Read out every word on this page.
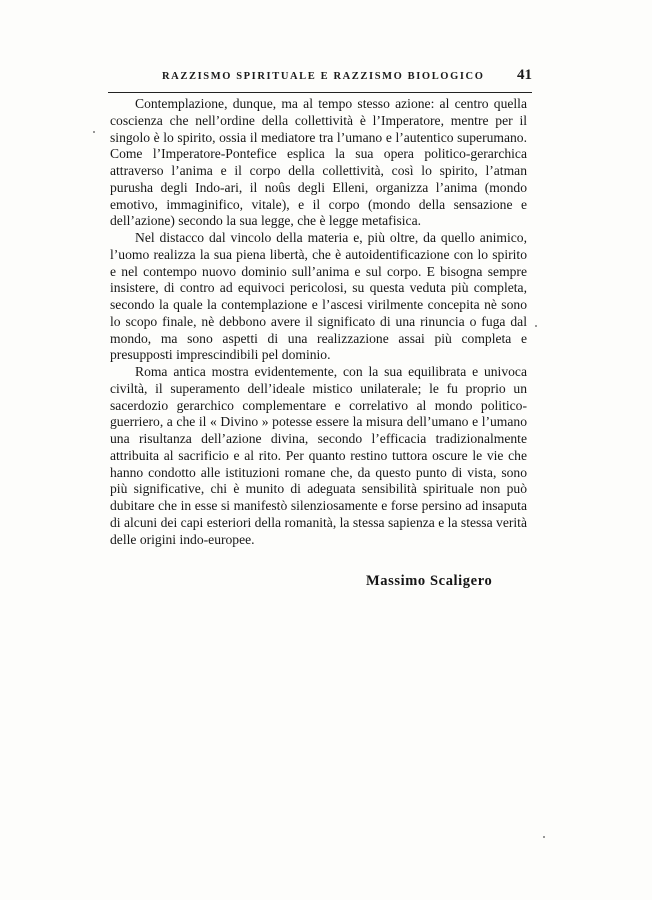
RAZZISMO SPIRITUALE E RAZZISMO BIOLOGICO 41

Contemplazione, dunque, ma al tempo stesso azione: al centro quella coscienza che nell’ordine della collettività è l’Imperatore, mentre per il singolo è lo spirito, ossia il mediatore tra l’umano e l’autentico superumano. Come l’Imperatore-Pontefice esplica la sua opera politico-gerarchica attraverso l’anima e il corpo della collettività, così lo spirito, l’atman purusha degli Indo-ari, il noûs degli Elleni, organizza l’anima (mondo emotivo, immaginifico, vitale), e il corpo (mondo della sensazione e dell’azione) secondo la sua legge, che è legge metafisica.

Nel distacco dal vincolo della materia e, più oltre, da quello animico, l’uomo realizza la sua piena libertà, che è autoidentificazione con lo spirito e nel contempo nuovo dominio sull’anima e sul corpo. E bisogna sempre insistere, di contro ad equivoci pericolosi, su questa veduta più completa, secondo la quale la contemplazione e l’ascesi virilmente concepita nè sono lo scopo finale, nè debbono avere il significato di una rinuncia o fuga dal mondo, ma sono aspetti di una realizzazione assai più completa e presupposti imprescindibili pel dominio.

Roma antica mostra evidentemente, con la sua equilibrata e univoca civiltà, il superamento dell’ideale mistico unilaterale; le fu proprio un sacerdozio gerarchico complementare e correlativo al mondo politico-guerriero, a che il « Divino » potesse essere la misura dell’umano e l’umano una risultanza dell’azione divina, secondo l’efficacia tradizionalmente attribuita al sacrificio e al rito. Per quanto restino tuttora oscure le vie che hanno condotto alle istituzioni romane che, da questo punto di vista, sono più significative, chi è munito di adeguata sensibilità spirituale non può dubitare che in esse si manifestò silenziosamente e forse persino ad insaputa di alcuni dei capi esteriori della romanità, la stessa sapienza e la stessa verità delle origini indo-europee.

Massimo Scaligero
